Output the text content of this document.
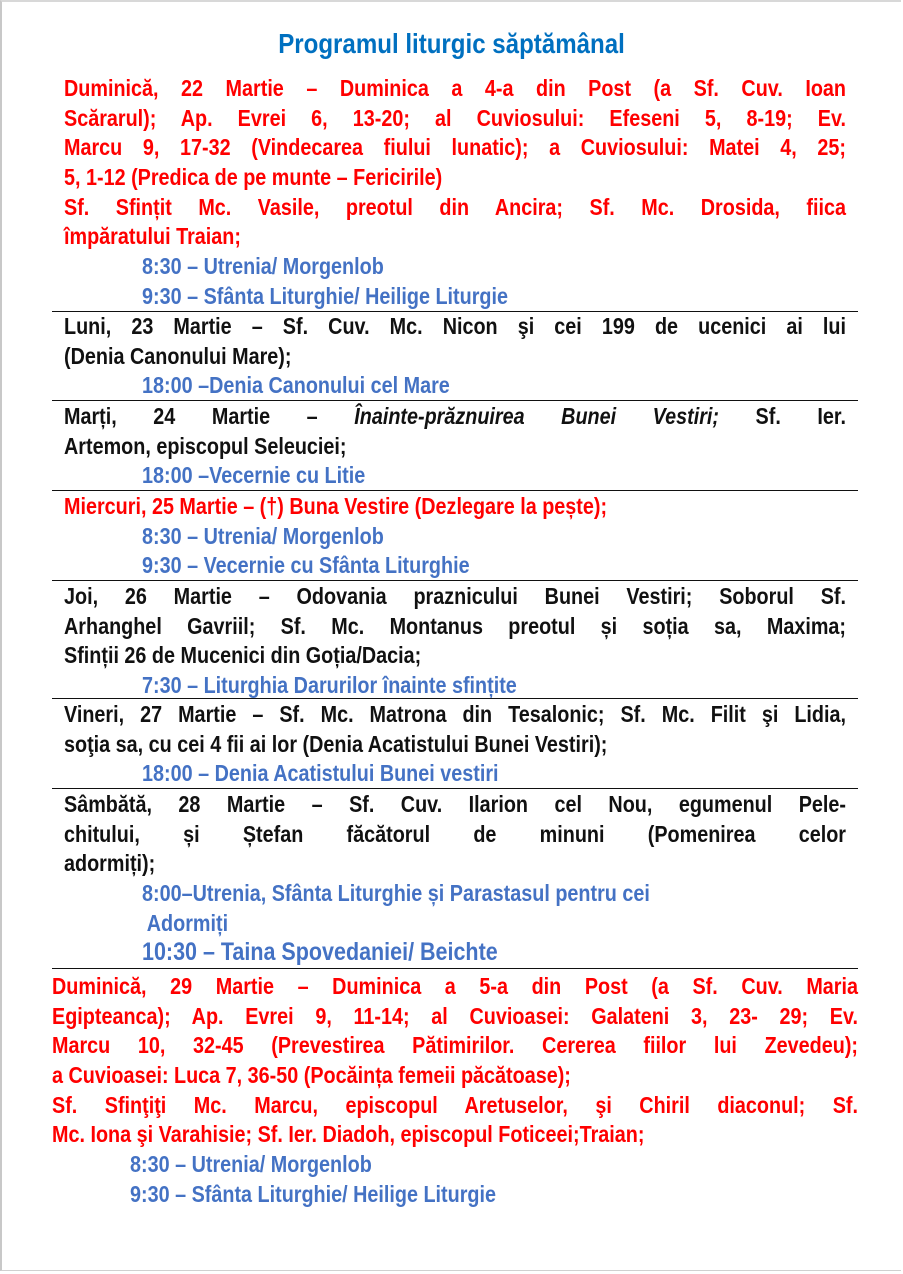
Programul liturgic săptămânal
Duminică, 22 Martie – Duminica a 4-a din Post (a Sf. Cuv. Ioan
Scărarul); Ap. Evrei 6, 13-20; al Cuviosului: Efeseni 5, 8-19; Ev.
Marcu 9, 17-32 (Vindecarea fiului lunatic); a Cuviosului: Matei 4, 25;
5, 1-12 (Predica de pe munte – Fericirile)
Sf. Sfințit Mc. Vasile, preotul din Ancira; Sf. Mc. Drosida, fiica
împăratului Traian;
8:30 – Utrenia/ Morgenlob
9:30 – Sfânta Liturghie/ Heilige Liturgie
Luni, 23 Martie – Sf. Cuv. Mc. Nicon şi cei 199 de ucenici ai lui
(Denia Canonului Mare);
18:00 –Denia Canonului cel Mare
Marți, 24 Martie – Înainte-prăznuirea Bunei Vestiri; Sf. Ier.
Artemon, episcopul Seleuciei;
18:00 –Vecernie cu Litie
Miercuri, 25 Martie – (†) Buna Vestire (Dezlegare la pește);
8:30 – Utrenia/ Morgenlob
9:30 – Vecernie cu Sfânta Liturghie
Joi, 26 Martie – Odovania praznicului Bunei Vestiri; Soborul Sf.
Arhanghel Gavriil; Sf. Mc. Montanus preotul și soția sa, Maxima;
Sfinții 26 de Mucenici din Goția/Dacia;
7:30 – Liturghia Darurilor înainte sfințite
Vineri, 27 Martie – Sf. Mc. Matrona din Tesalonic; Sf. Mc. Filit şi Lidia,
soţia sa, cu cei 4 fii ai lor (Denia Acatistului Bunei Vestiri);
18:00 – Denia Acatistului Bunei vestiri
Sâmbătă, 28 Martie – Sf. Cuv. Ilarion cel Nou, egumenul Pele-
chitului, și Ștefan făcătorul de minuni (Pomenirea celor
adormiți);
8:00–Utrenia, Sfânta Liturghie și Parastasul pentru cei
Adormiți
10:30 – Taina Spovedaniei/ Beichte
Duminică, 29 Martie – Duminica a 5-a din Post (a Sf. Cuv. Maria
Egipteanca); Ap. Evrei 9, 11-14; al Cuvioasei: Galateni 3, 23- 29; Ev.
Marcu 10, 32-45 (Prevestirea Pătimirilor. Cererea fiilor lui Zevedeu);
a Cuvioasei: Luca 7, 36-50 (Pocăința femeii păcătoase);
Sf. Sfinţiţi Mc. Marcu, episcopul Aretuselor, şi Chiril diaconul; Sf.
Mc. Iona şi Varahisie; Sf. Ier. Diadoh, episcopul Foticeei;Traian;
8:30 – Utrenia/ Morgenlob
9:30 – Sfânta Liturghie/ Heilige Liturgie
